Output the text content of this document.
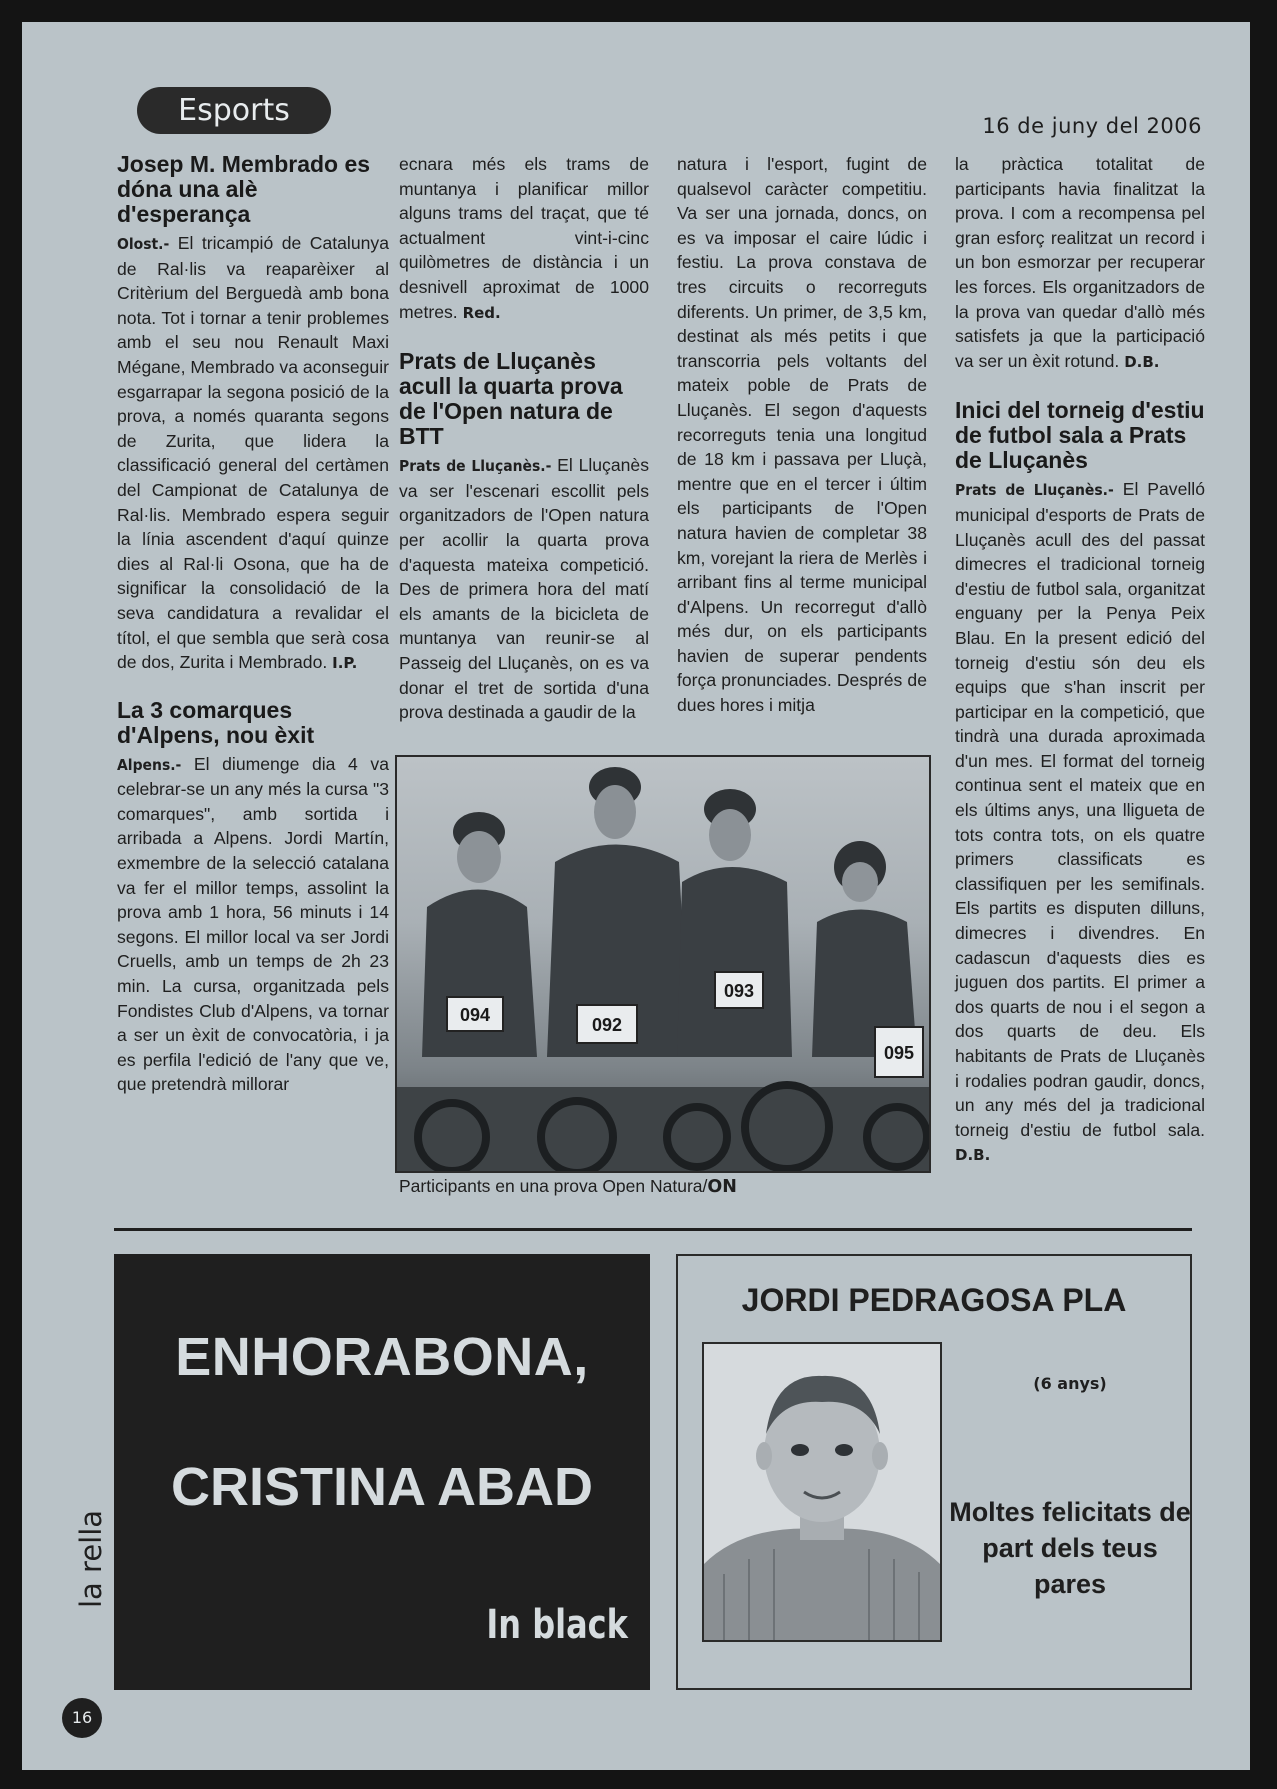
Esports	16 de juny del 2006
Josep M. Membrado es dóna una alè d'esperança

Olost.- El tricampió de Catalunya de Ral·lis va reaparèixer al Critèrium del Berguedà amb bona nota. Tot i tornar a tenir problemes amb el seu nou Renault Maxi Mégane, Membrado va aconseguir esgarrapar la segona posició de la prova, a només quaranta segons de Zurita, que lidera la classificació general del certàmen del Campionat de Catalunya de Ral·lis. Membrado espera seguir la línia ascendent d'aquí quinze dies al Ral·li Osona, que ha de significar la consolidació de la seva candidatura a revalidar el títol, el que sembla que serà cosa de dos, Zurita i Membrado. I.P.

La 3 comarques d'Alpens, nou èxit

Alpens.- El diumenge dia 4 va celebrar-se un any més la cursa "3 comarques", amb sortida i arribada a Alpens. Jordi Martín, exmembre de la selecció catalana va fer el millor temps, assolint la prova amb 1 hora, 56 minuts i 14 segons. El millor local va ser Jordi Cruells, amb un temps de 2h 23 min. La cursa, organitzada pels Fondistes Club d'Alpens, va tornar a ser un èxit de convocatòria, i ja es perfila l'edició de l'any que ve, que pretendrà millorar

ecnara més els trams de muntanya i planificar millor alguns trams del traçat, que té actualment vint-i-cinc quilòmetres de distància i un desnivell aproximat de 1000 metres. Red.

Prats de Lluçanès acull la quarta prova de l'Open natura de BTT

Prats de Lluçanès.- El Lluçanès va ser l'escenari escollit pels organitzadors de l'Open natura per acollir la quarta prova d'aquesta mateixa competició. Des de primera hora del matí els amants de la bicicleta de muntanya van reunir-se al Passeig del Lluçanès, on es va donar el tret de sortida d'una prova destinada a gaudir de la

natura i l'esport, fugint de qualsevol caràcter competitiu. Va ser una jornada, doncs, on es va imposar el caire lúdic i festiu. La prova constava de tres circuits o recorreguts diferents. Un primer, de 3,5 km, destinat als més petits i que transcorria pels voltants del mateix poble de Prats de Lluçanès. El segon d'aquests recorreguts tenia una longitud de 18 km i passava per Lluçà, mentre que en el tercer i últim els participants de l'Open natura havien de completar 38 km, vorejant la riera de Merlès i arribant fins al terme municipal d'Alpens. Un recorregut d'allò més dur, on els participants havien de superar pendents força pronunciades. Després de dues hores i mitja

la pràctica totalitat de participants havia finalitzat la prova. I com a recompensa pel gran esforç realitzat un record i un bon esmorzar per recuperar les forces. Els organitzadors de la prova van quedar d'allò més satisfets ja que la participació va ser un èxit rotund. D.B.

Inici del torneig d'estiu de futbol sala a Prats de Lluçanès

Prats de Lluçanès.- El Pavelló municipal d'esports de Prats de Lluçanès acull des del passat dimecres el tradicional torneig d'estiu de futbol sala, organitzat enguany per la Penya Peix Blau. En la present edició del torneig d'estiu són deu els equips que s'han inscrit per participar en la competició, que tindrà una durada aproximada d'un mes. El format del torneig continua sent el mateix que en els últims anys, una lligueta de tots contra tots, on els quatre primers classificats es classifiquen per les semifinals. Els partits es disputen dilluns, dimecres i divendres. En cadascun d'aquests dies es juguen dos partits. El primer a dos quarts de nou i el segon a dos quarts de deu. Els habitants de Prats de Lluçanès i rodalies podran gaudir, doncs, un any més del ja tradicional torneig d'estiu de futbol sala. D.B.

094	092
093
095
Participants en una prova Open Natura/ON
ENHORABONA,
CRISTINA ABAD
In black
JORDI PEDRAGOSA PLA
(6 anys)
Moltes felicitats de part dels teus pares
la rella
16
